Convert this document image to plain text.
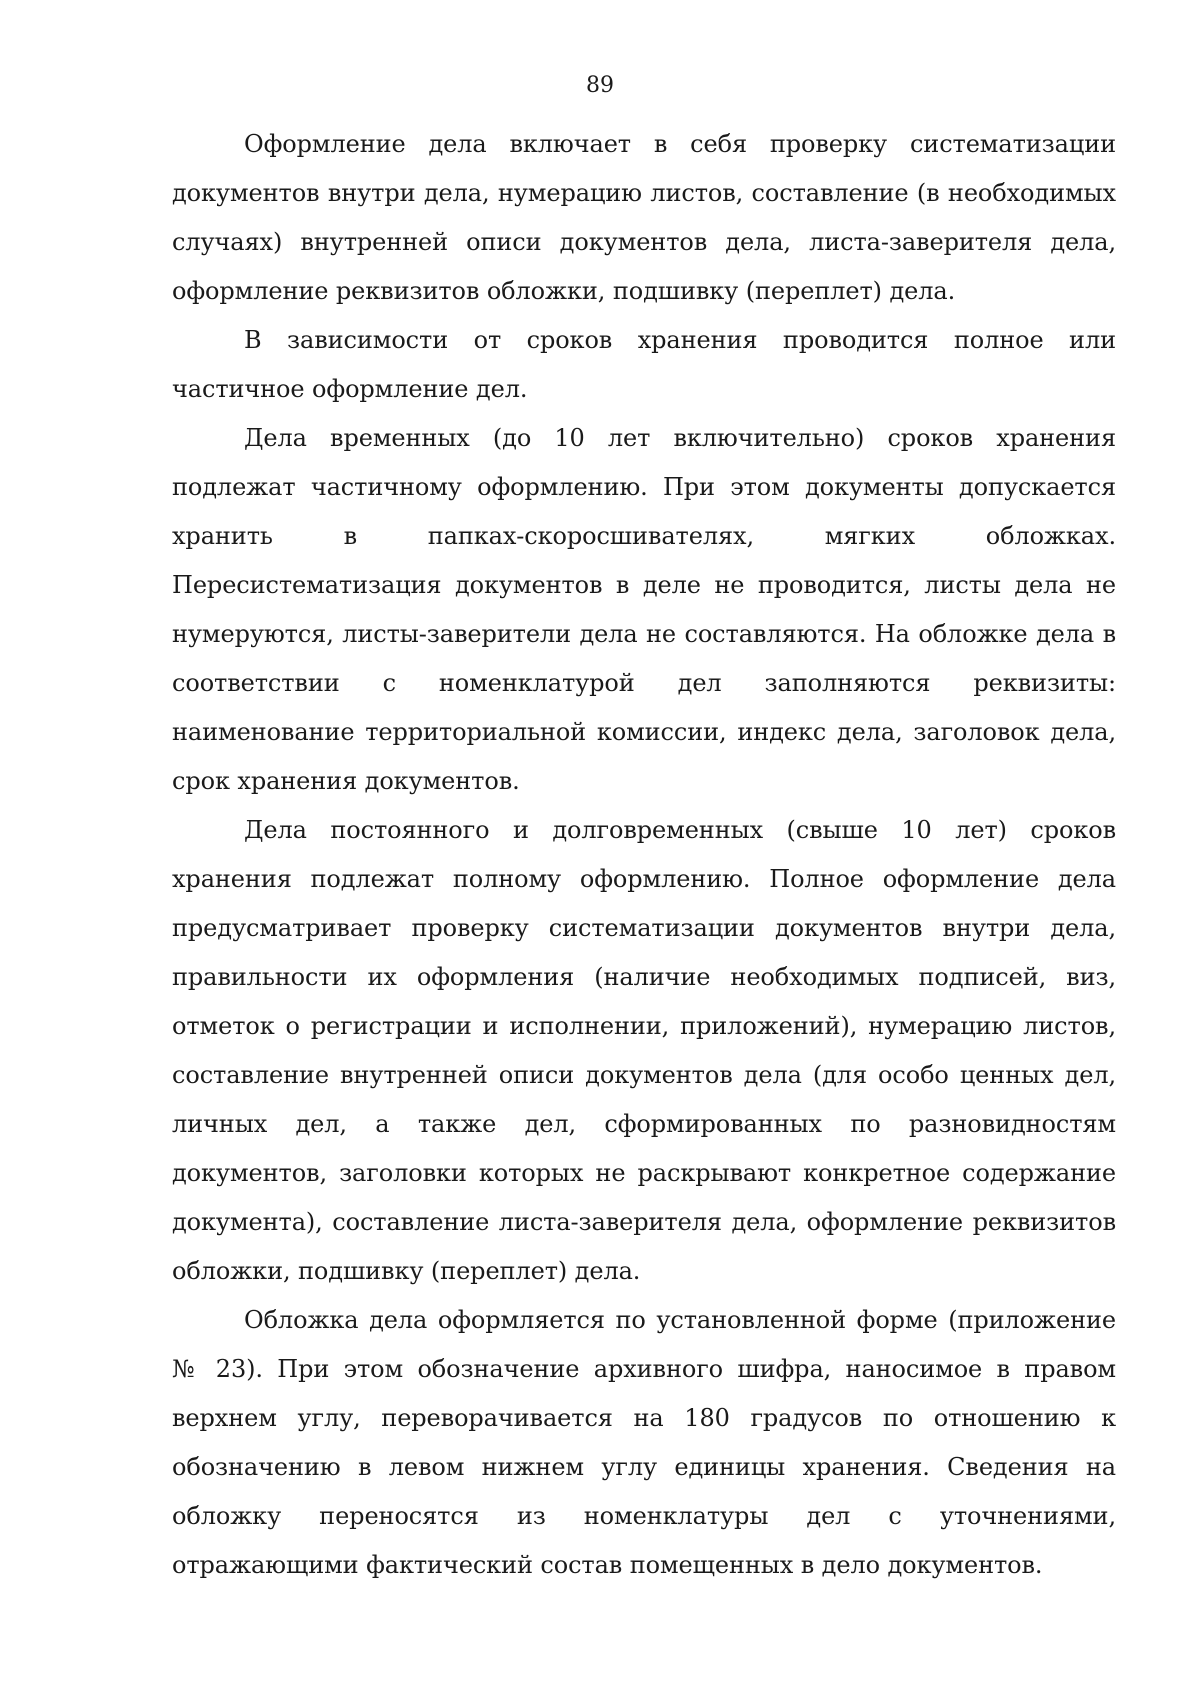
89

Оформление дела включает в себя проверку систематизации документов внутри дела, нумерацию листов, составление (в необходимых случаях) внутренней описи документов дела, листа-заверителя дела, оформление реквизитов обложки, подшивку (переплет) дела.

В зависимости от сроков хранения проводится полное или частичное оформление дел.

Дела временных (до 10 лет включительно) сроков хранения подлежат частичному оформлению. При этом документы допускается хранить в папках-скоросшивателях, мягких обложках. Пересистематизация документов в деле не проводится, листы дела не нумеруются, листы-заверители дела не составляются. На обложке дела в соответствии с номенклатурой дел заполняются реквизиты: наименование территориальной комиссии, индекс дела, заголовок дела, срок хранения документов.

Дела постоянного и долговременных (свыше 10 лет) сроков хранения подлежат полному оформлению. Полное оформление дела предусматривает проверку систематизации документов внутри дела, правильности их оформления (наличие необходимых подписей, виз, отметок о регистрации и исполнении, приложений), нумерацию листов, составление внутренней описи документов дела (для особо ценных дел, личных дел, а также дел, сформированных по разновидностям документов, заголовки которых не раскрывают конкретное содержание документа), составление листа-заверителя дела, оформление реквизитов обложки, подшивку (переплет) дела.

Обложка дела оформляется по установленной форме (приложение № 23). При этом обозначение архивного шифра, наносимое в правом верхнем углу, переворачивается на 180 градусов по отношению к обозначению в левом нижнем углу единицы хранения. Сведения на обложку переносятся из номенклатуры дел с уточнениями, отражающими фактический состав помещенных в дело документов.
